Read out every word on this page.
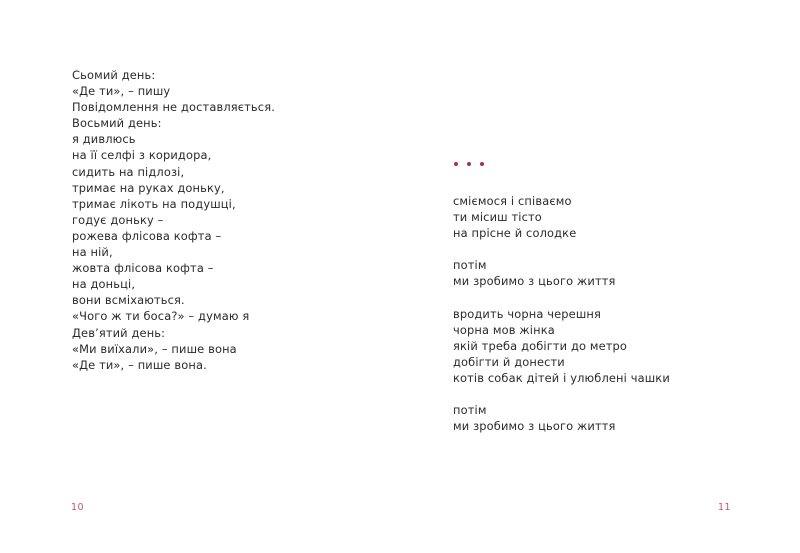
Сьомий день:
«Де ти», – пишу
Повідомлення не доставляється.
Восьмий день:
я дивлюсь
на її селфі з коридора,
сидить на підлозі,
тримає на руках доньку,
тримає лікоть на подушці,
годує доньку –
рожева флісова кофта –
на ній,
жовта флісова кофта –
на доньці,
вони всміхаються.
«Чого ж ти боса?» – думаю я
Дев’ятий день:
«Ми виїхали», – пише вона
«Де ти», – пише вона.
10
сміємося і співаємо
ти місиш тісто
на прісне й солодке
потім
ми зробимо з цього життя
вродить чорна черешня
чорна мов жінка
якій треба добігти до метро
добігти й донести
котів собак дітей і улюблені чашки
потім
ми зробимо з цього життя
11
